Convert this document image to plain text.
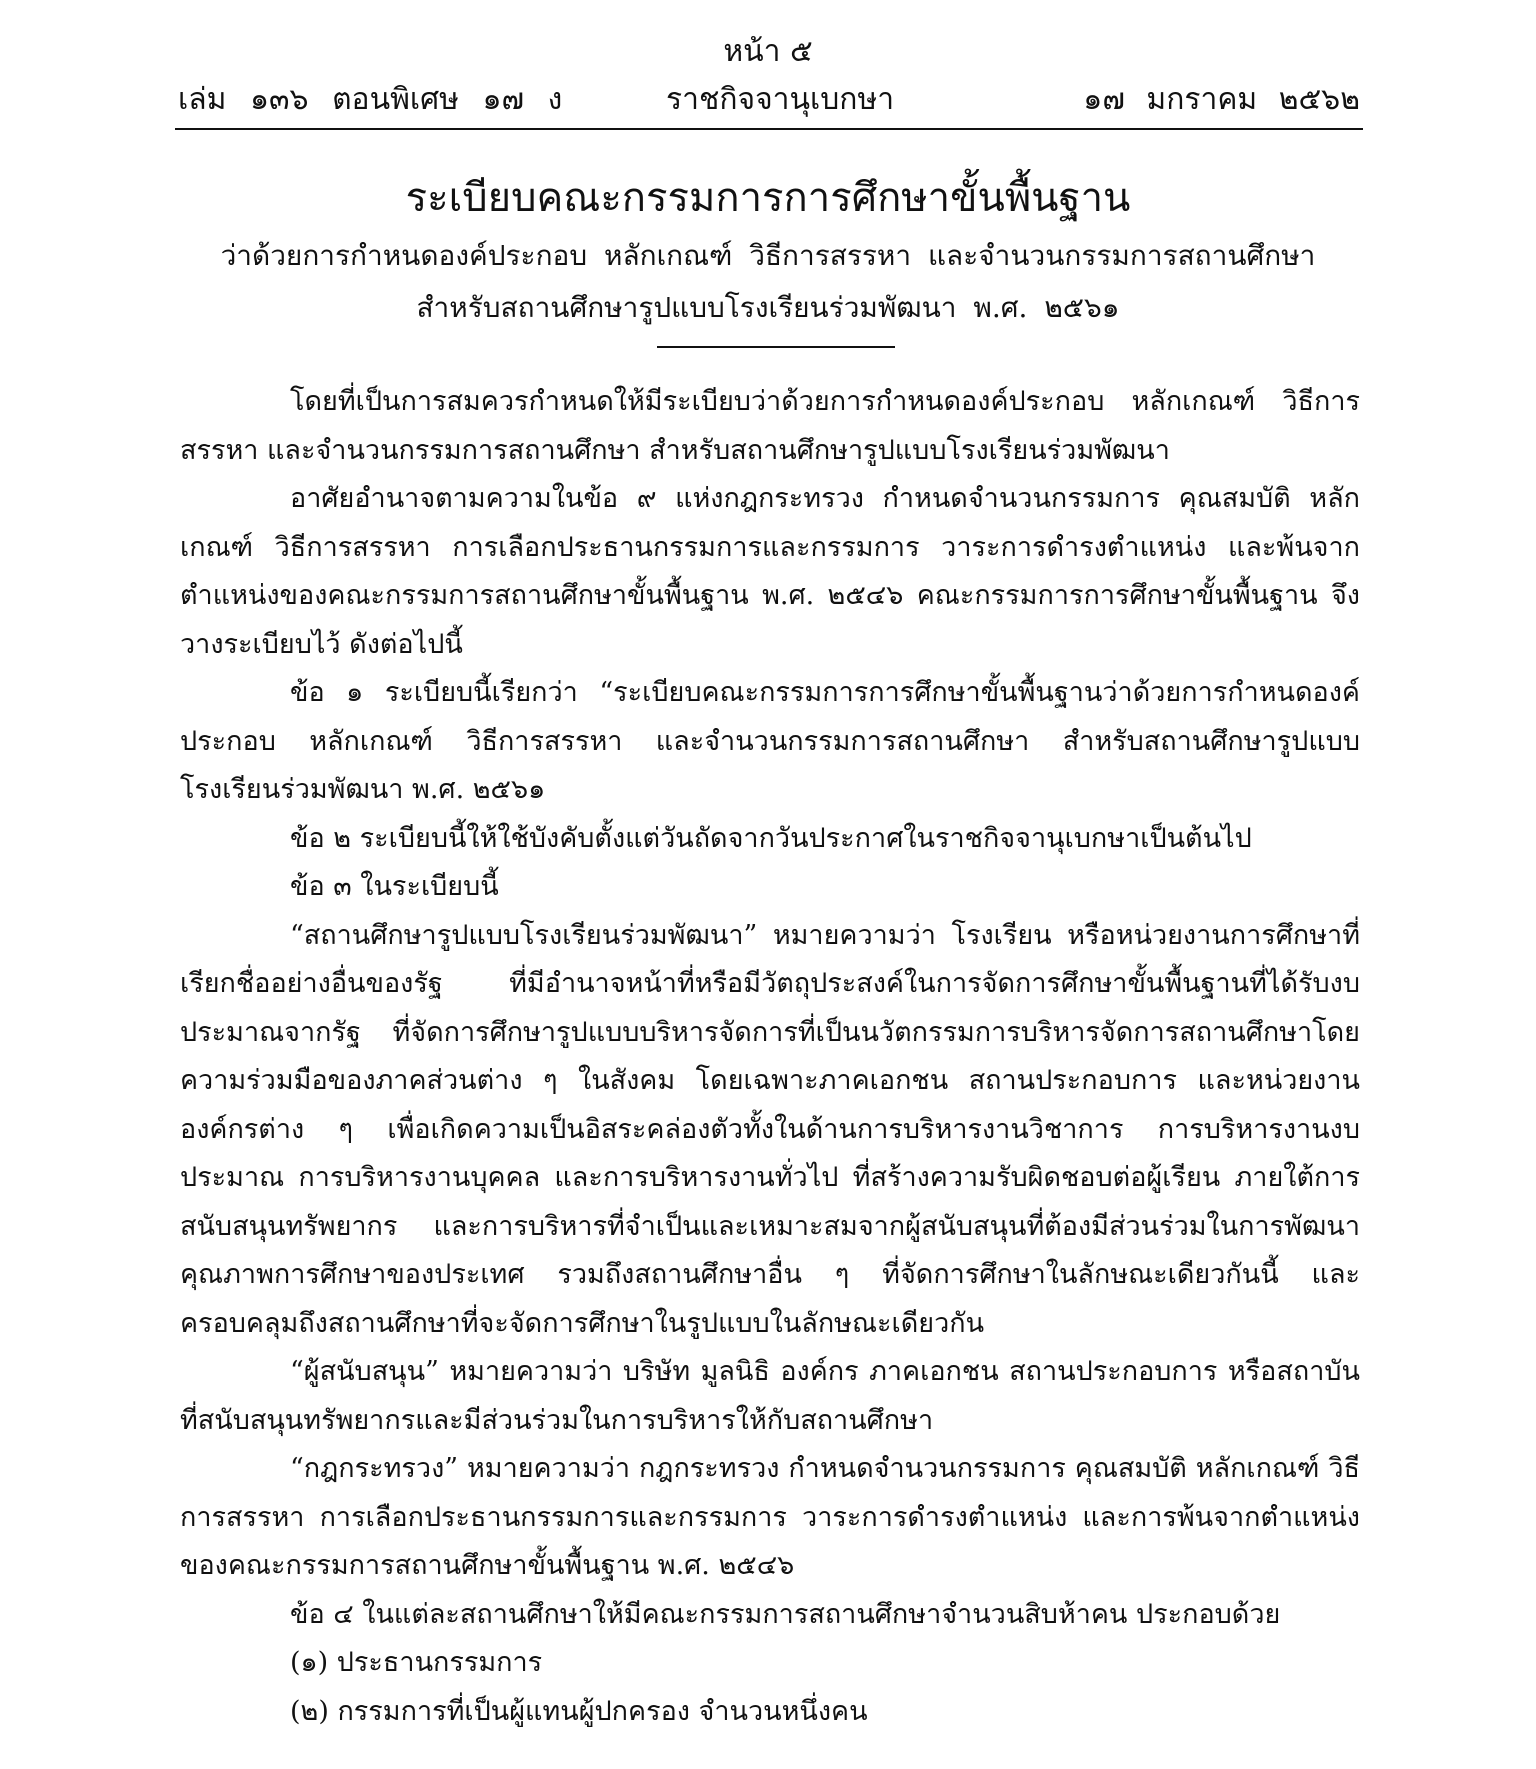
หน้า ๕
เล่ม ๑๓๖ ตอนพิเศษ ๑๗ ง	ราชกิจจานุเบกษา	๑๗ มกราคม ๒๕๖๒
ระเบียบคณะกรรมการการศึกษาขั้นพื้นฐาน
ว่าด้วยการกำหนดองค์ประกอบ หลักเกณฑ์ วิธีการสรรหา และจำนวนกรรมการสถานศึกษา
สำหรับสถานศึกษารูปแบบโรงเรียนร่วมพัฒนา พ.ศ. ๒๕๖๑

โดยที่เป็นการสมควรกำหนดให้มีระเบียบว่าด้วยการกำหนดองค์ประกอบ หลักเกณฑ์ วิธีการสรรหา และจำนวนกรรมการสถานศึกษา สำหรับสถานศึกษารูปแบบโรงเรียนร่วมพัฒนา

อาศัยอำนาจตามความในข้อ ๙ แห่งกฎกระทรวง กำหนดจำนวนกรรมการ คุณสมบัติ หลักเกณฑ์ วิธีการสรรหา การเลือกประธานกรรมการและกรรมการ วาระการดำรงตำแหน่ง และพ้นจากตำแหน่งของคณะกรรมการสถานศึกษาขั้นพื้นฐาน พ.ศ. ๒๕๔๖ คณะกรรมการการศึกษาขั้นพื้นฐาน จึงวางระเบียบไว้ ดังต่อไปนี้

ข้อ ๑ ระเบียบนี้เรียกว่า “ระเบียบคณะกรรมการการศึกษาขั้นพื้นฐานว่าด้วยการกำหนดองค์ประกอบ หลักเกณฑ์ วิธีการสรรหา และจำนวนกรรมการสถานศึกษา สำหรับสถานศึกษารูปแบบโรงเรียนร่วมพัฒนา พ.ศ. ๒๕๖๑

ข้อ ๒ ระเบียบนี้ให้ใช้บังคับตั้งแต่วันถัดจากวันประกาศในราชกิจจานุเบกษาเป็นต้นไป

ข้อ ๓ ในระเบียบนี้

“สถานศึกษารูปแบบโรงเรียนร่วมพัฒนา” หมายความว่า โรงเรียน หรือหน่วยงานการศึกษาที่เรียกชื่ออย่างอื่นของรัฐ ที่มีอำนาจหน้าที่หรือมีวัตถุประสงค์ในการจัดการศึกษาขั้นพื้นฐานที่ได้รับงบประมาณจากรัฐ ที่จัดการศึกษารูปแบบบริหารจัดการที่เป็นนวัตกรรมการบริหารจัดการสถานศึกษาโดยความร่วมมือของภาคส่วนต่าง ๆ ในสังคม โดยเฉพาะภาคเอกชน สถานประกอบการ และหน่วยงานองค์กรต่าง ๆ เพื่อเกิดความเป็นอิสระคล่องตัวทั้งในด้านการบริหารงานวิชาการ การบริหารงานงบประมาณ การบริหารงานบุคคล และการบริหารงานทั่วไป ที่สร้างความรับผิดชอบต่อผู้เรียน ภายใต้การสนับสนุนทรัพยากร และการบริหารที่จำเป็นและเหมาะสมจากผู้สนับสนุนที่ต้องมีส่วนร่วมในการพัฒนาคุณภาพการศึกษาของประเทศ รวมถึงสถานศึกษาอื่น ๆ ที่จัดการศึกษาในลักษณะเดียวกันนี้ และครอบคลุมถึงสถานศึกษาที่จะจัดการศึกษาในรูปแบบในลักษณะเดียวกัน

“ผู้สนับสนุน” หมายความว่า บริษัท มูลนิธิ องค์กร ภาคเอกชน สถานประกอบการ หรือสถาบันที่สนับสนุนทรัพยากรและมีส่วนร่วมในการบริหารให้กับสถานศึกษา

“กฎกระทรวง” หมายความว่า กฎกระทรวง กำหนดจำนวนกรรมการ คุณสมบัติ หลักเกณฑ์ วิธีการสรรหา การเลือกประธานกรรมการและกรรมการ วาระการดำรงตำแหน่ง และการพ้นจากตำแหน่งของคณะกรรมการสถานศึกษาขั้นพื้นฐาน พ.ศ. ๒๕๔๖

ข้อ ๔ ในแต่ละสถานศึกษาให้มีคณะกรรมการสถานศึกษาจำนวนสิบห้าคน ประกอบด้วย

(๑) ประธานกรรมการ

(๒) กรรมการที่เป็นผู้แทนผู้ปกครอง จำนวนหนึ่งคน
